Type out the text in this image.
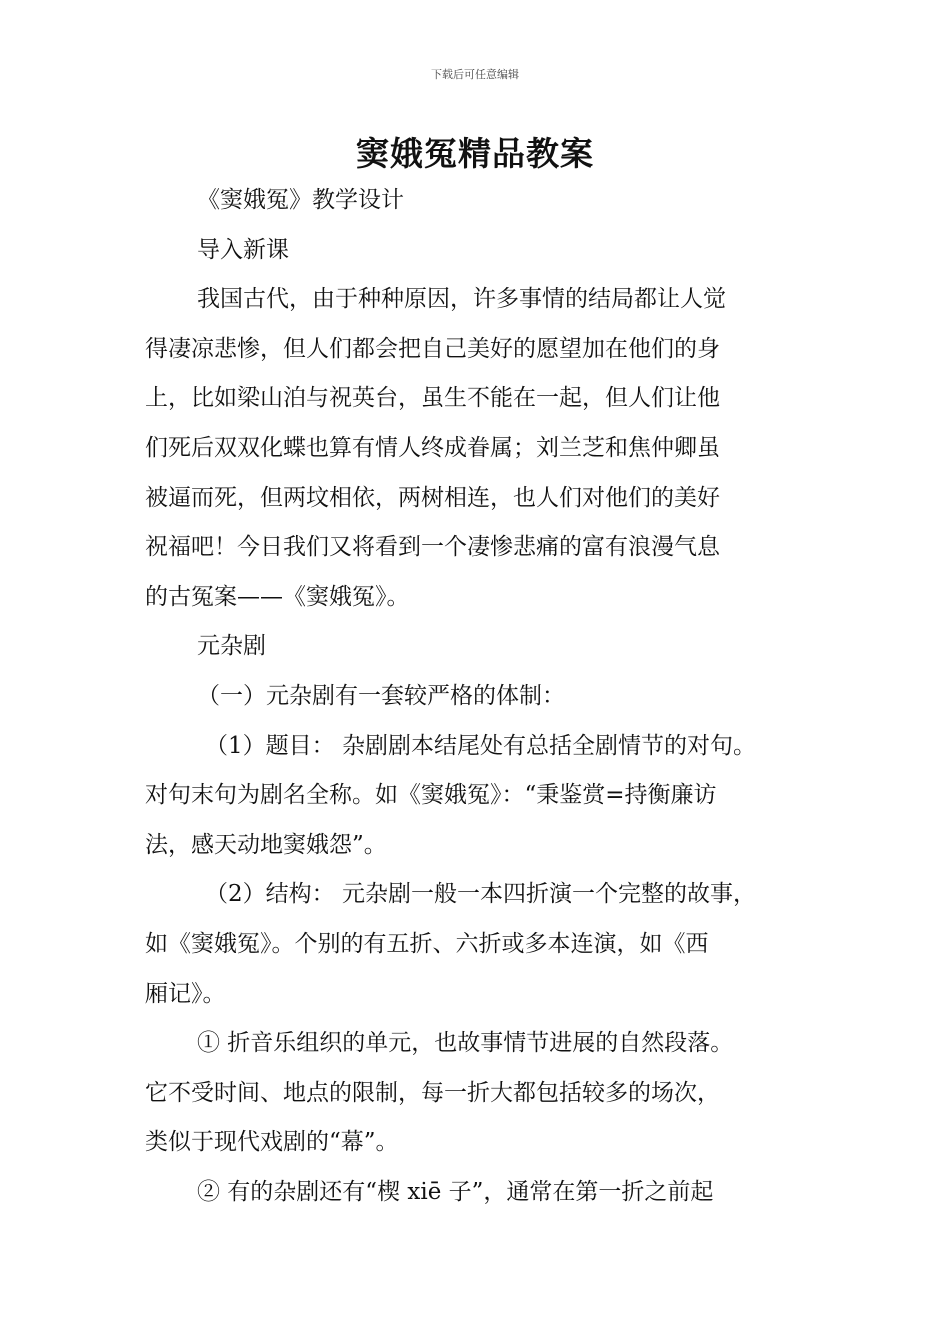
下载后可任意编辑
窦娥冤精品教案

《窦娥冤》教学设计

导入新课

我国古代，由于种种原因，许多事情的结局都让人觉

得凄凉悲惨，但人们都会把自己美好的愿望加在他们的身

上，比如梁山泊与祝英台，虽生不能在一起，但人们让他

们死后双双化蝶也算有情人终成眷属；刘兰芝和焦仲卿虽

被逼而死，但两坟相依，两树相连，也人们对他们的美好

祝福吧！今日我们又将看到一个凄惨悲痛的富有浪漫气息

的古冤案——《窦娥冤》。

元杂剧

（一）元杂剧有一套较严格的体制：

（1）题目： 杂剧剧本结尾处有总括全剧情节的对句。

对句末句为剧名全称。如《窦娥冤》：“秉鉴赏=持衡廉访

法，感天动地窦娥怨”。

（2）结构： 元杂剧一般一本四折演一个完整的故事，

如《窦娥冤》。个别的有五折、六折或多本连演，如《西

厢记》。

① 折音乐组织的单元，也故事情节进展的自然段落。

它不受时间、地点的限制，每一折大都包括较多的场次，

类似于现代戏剧的“幕”。

② 有的杂剧还有“楔 xiē 子”，通常在第一折之前起
